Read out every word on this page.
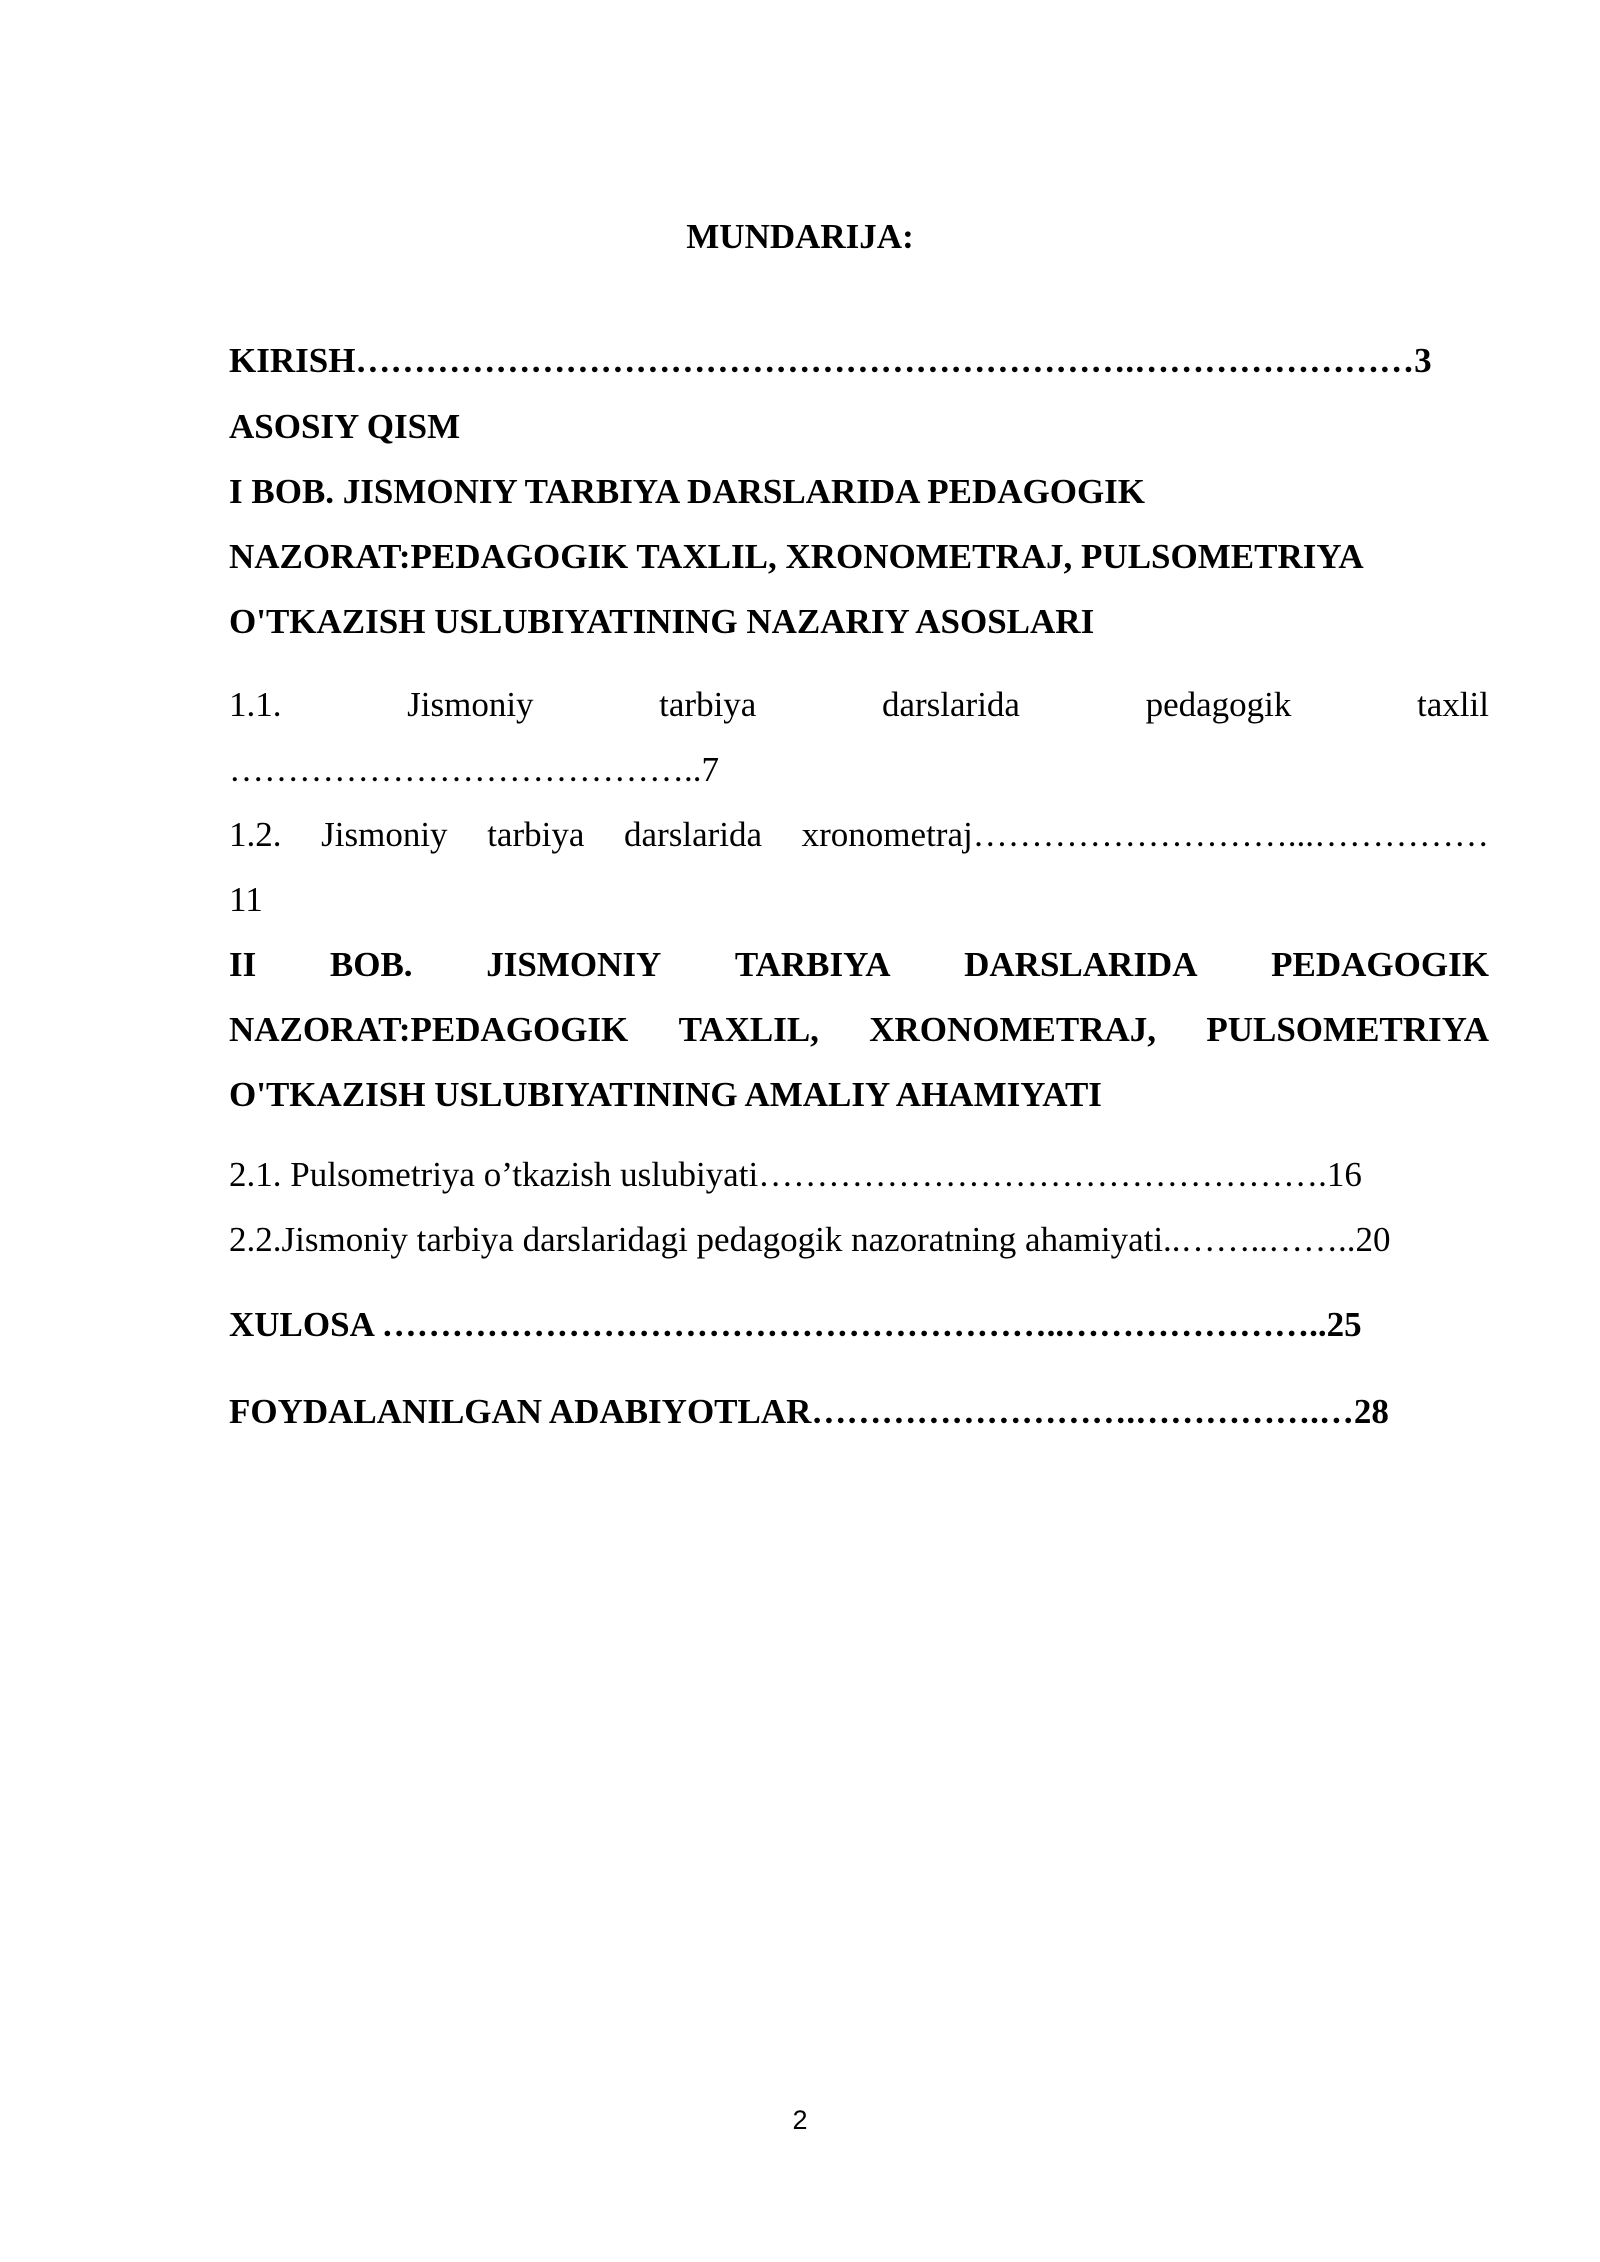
MUNDARIJA:
KIRISH………………………………………………………….……………………3
ASOSIY QISM
I BOB. JISMONIY TARBIYA DARSLARIDA PEDAGOGIK
NAZORAT:PEDAGOGIK TAXLIL, XRONOMETRAJ, PULSOMETRIYA
O'TKAZISH USLUBIYATINING NAZARIY ASOSLARI
1.1.	Jismoniy	tarbiya	darslarida	pedagogik	taxlil
…………………………………..7
1.2. Jismoniy tarbiya darslarida xronometraj………………………...……………
11
II BOB. JISMONIY TARBIYA DARSLARIDA PEDAGOGIK
NAZORAT:PEDAGOGIK TAXLIL, XRONOMETRAJ, PULSOMETRIYA
O'TKAZISH USLUBIYATINING AMALIY AHAMIYATI
2.1. Pulsometriya o’tkazish uslubiyati………………………………………….16
2.2.Jismoniy tarbiya darslaridagi pedagogik nazoratning ahamiyati..……..……..20
XULOSA …………………………………………………..…………………..25
FOYDALANILGAN ADABIYOTLAR……………………….…………….…28
2
